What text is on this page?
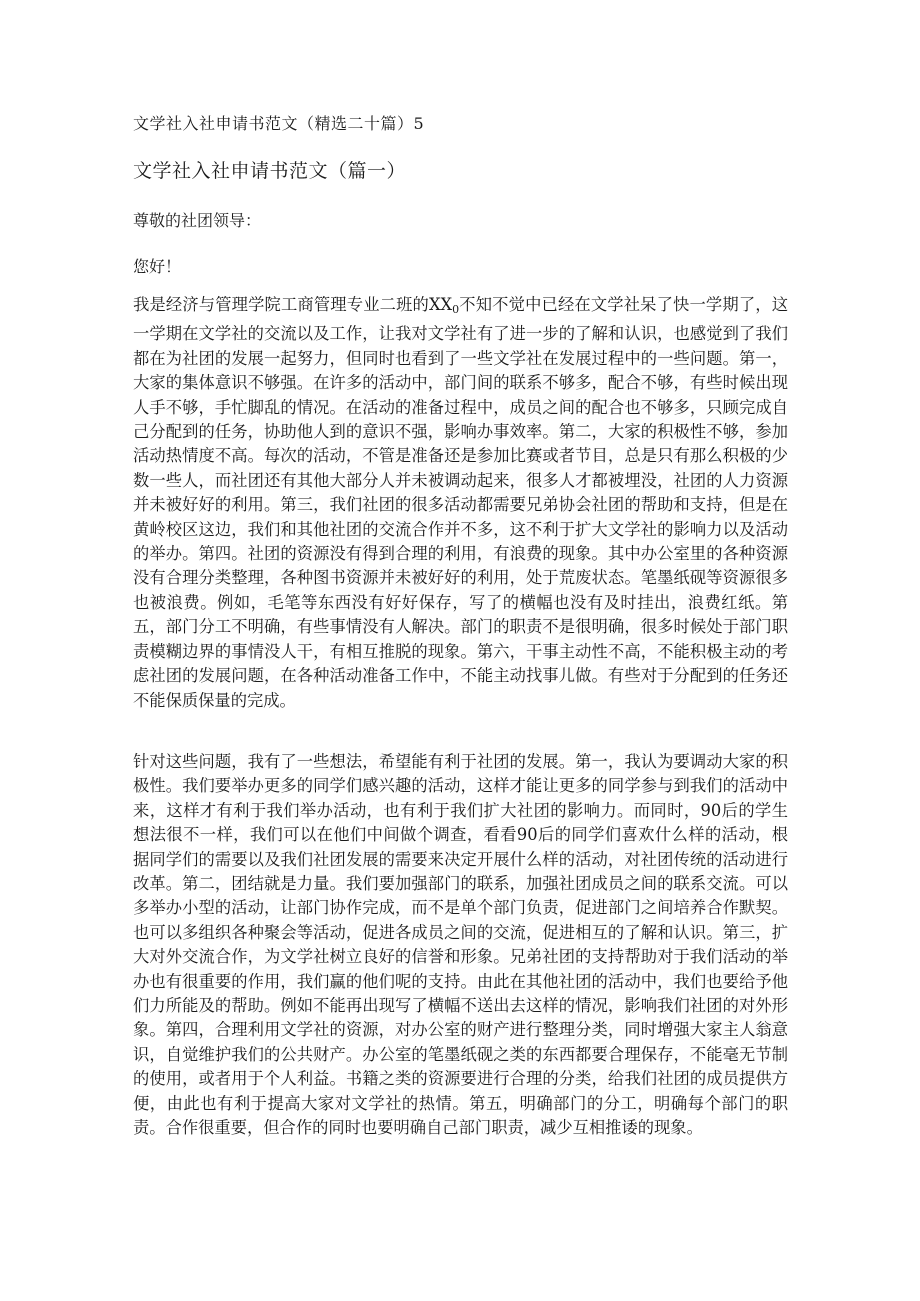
文学社入社申请书范文（精选二十篇）5
文学社入社申请书范文（篇一）
尊敬的社团领导：
您好！

我是经济与管理学院工商管理专业二班的XX0不知不觉中已经在文学社呆了快一学期了，这一学期在文学社的交流以及工作，让我对文学社有了进一步的了解和认识，也感觉到了我们都在为社团的发展一起努力，但同时也看到了一些文学社在发展过程中的一些问题。第一，大家的集体意识不够强。在许多的活动中，部门间的联系不够多，配合不够，有些时候出现人手不够，手忙脚乱的情况。在活动的准备过程中，成员之间的配合也不够多，只顾完成自己分配到的任务，协助他人到的意识不强，影响办事效率。第二，大家的积极性不够，参加活动热情度不高。每次的活动，不管是准备还是参加比赛或者节目，总是只有那么积极的少数一些人，而社团还有其他大部分人并未被调动起来，很多人才都被埋没，社团的人力资源并未被好好的利用。第三，我们社团的很多活动都需要兄弟协会社团的帮助和支持，但是在黄岭校区这边，我们和其他社团的交流合作并不多，这不利于扩大文学社的影响力以及活动的举办。第四。社团的资源没有得到合理的利用，有浪费的现象。其中办公室里的各种资源没有合理分类整理，各种图书资源并未被好好的利用，处于荒废状态。笔墨纸砚等资源很多也被浪费。例如，毛笔等东西没有好好保存，写了的横幅也没有及时挂出，浪费红纸。第五，部门分工不明确，有些事情没有人解决。部门的职责不是很明确，很多时候处于部门职责模糊边界的事情没人干，有相互推脱的现象。第六，干事主动性不高，不能积极主动的考虑社团的发展问题，在各种活动准备工作中，不能主动找事儿做。有些对于分配到的任务还不能保质保量的完成。

针对这些问题，我有了一些想法，希望能有利于社团的发展。第一，我认为要调动大家的积极性。我们要举办更多的同学们感兴趣的活动，这样才能让更多的同学参与到我们的活动中来，这样才有利于我们举办活动，也有利于我们扩大社团的影响力。而同时，90后的学生想法很不一样，我们可以在他们中间做个调查，看看90后的同学们喜欢什么样的活动，根据同学们的需要以及我们社团发展的需要来决定开展什么样的活动，对社团传统的活动进行改革。第二，团结就是力量。我们要加强部门的联系，加强社团成员之间的联系交流。可以多举办小型的活动，让部门协作完成，而不是单个部门负责，促进部门之间培养合作默契。也可以多组织各种聚会等活动，促进各成员之间的交流，促进相互的了解和认识。第三，扩大对外交流合作，为文学社树立良好的信誉和形象。兄弟社团的支持帮助对于我们活动的举办也有很重要的作用，我们赢的他们呢的支持。由此在其他社团的活动中，我们也要给予他们力所能及的帮助。例如不能再出现写了横幅不送出去这样的情况，影响我们社团的对外形象。第四，合理利用文学社的资源，对办公室的财产进行整理分类，同时增强大家主人翁意识，自觉维护我们的公共财产。办公室的笔墨纸砚之类的东西都要合理保存，不能毫无节制的使用，或者用于个人利益。书籍之类的资源要进行合理的分类，给我们社团的成员提供方便，由此也有利于提高大家对文学社的热情。第五，明确部门的分工，明确每个部门的职责。合作很重要，但合作的同时也要明确自己部门职责，减少互相推诿的现象。
